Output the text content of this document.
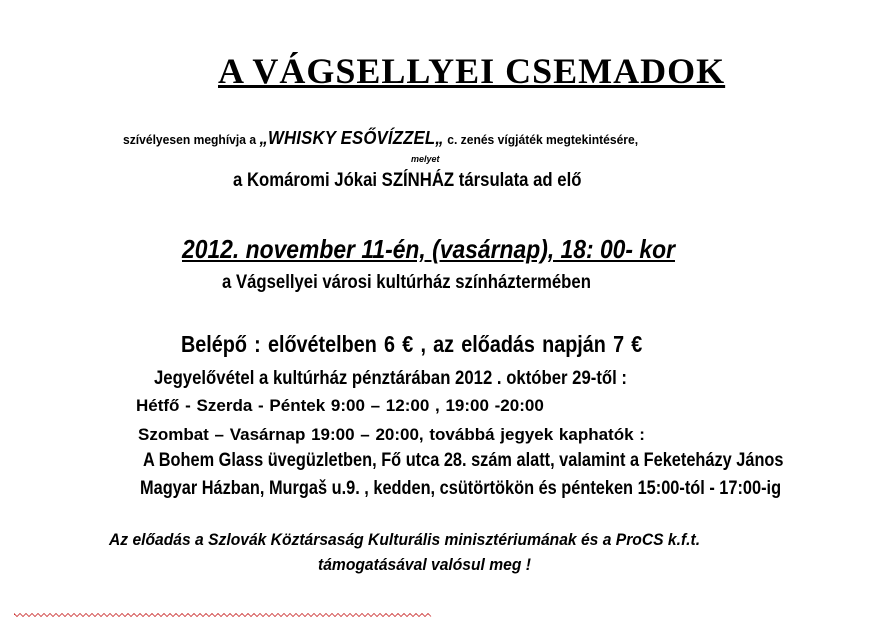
A VÁGSELLYEI CSEMADOK
szívélyesen meghívja a „WHISKY ESŐVÍZZEL„ c. zenés vígjáték megtekintésére,
melyet
a Komáromi Jókai SZÍNHÁZ társulata ad elő
2012. november 11-én, (vasárnap), 18: 00- kor
a Vágsellyei városi kultúrház színháztermében
Belépő : elővételben 6 € , az előadás napján 7 €
Jegyelővétel a kultúrház pénztárában 2012 . október 29-től :
Hétfő - Szerda - Péntek 9:00 – 12:00 , 19:00 -20:00
Szombat – Vasárnap 19:00 – 20:00, továbbá jegyek kaphatók :
A Bohem Glass üvegüzletben, Fő utca 28. szám alatt, valamint a Feketeházy János
Magyar Házban, Murgaš u.9. , kedden, csütörtökön és pénteken 15:00-tól - 17:00-ig
Az előadás a Szlovák Köztársaság Kulturális minisztériumának és a ProCS k.f.t.
támogatásával valósul meg !
